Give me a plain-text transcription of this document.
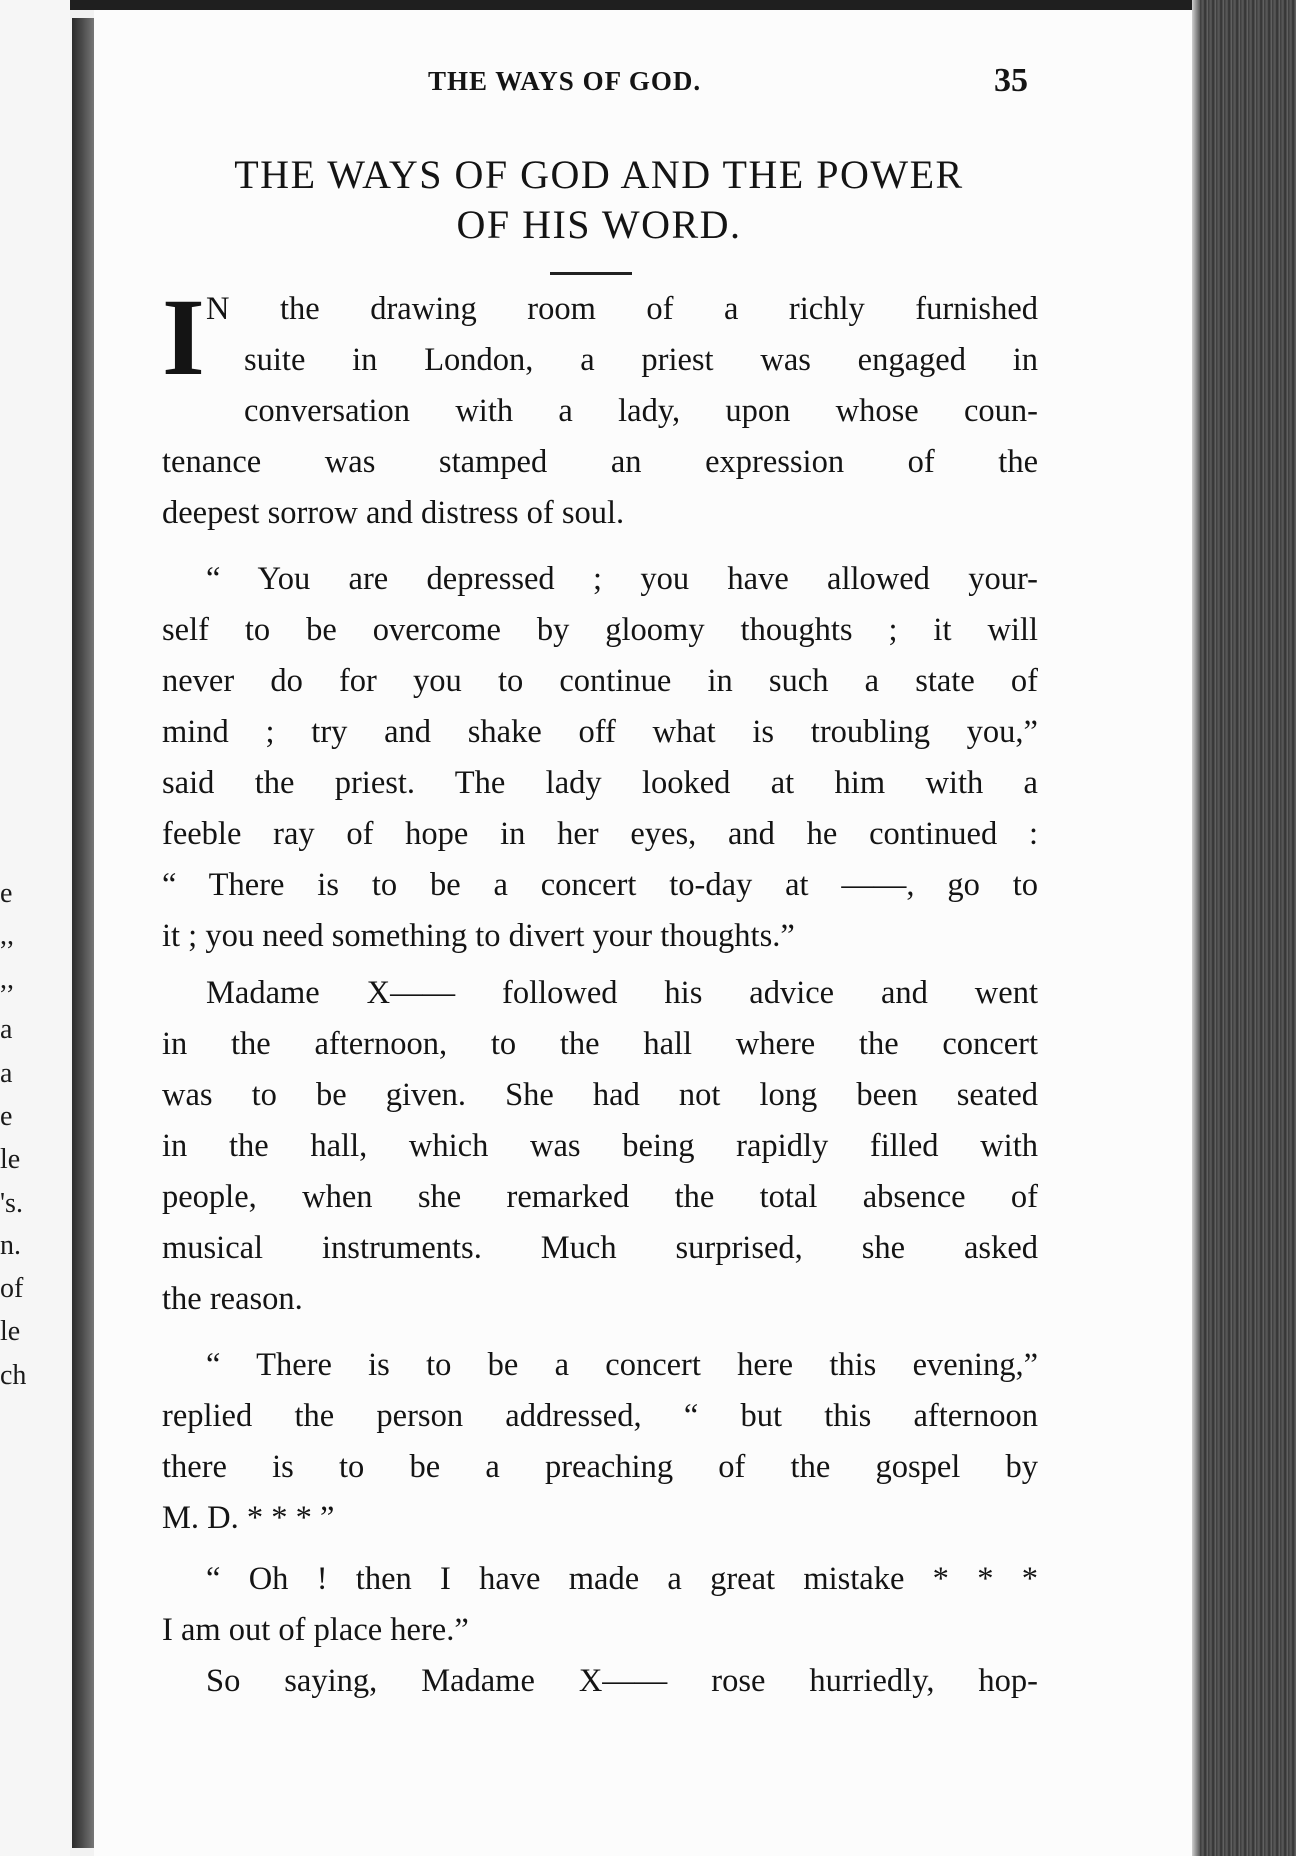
e
,,
,,
a
a
e
le
's.
n.
of
le
ch
THE WAYS OF GOD.	35
THE WAYS OF GOD AND THE POWER
OF HIS WORD.
I N the drawing room of a richly furnished
suite in London, a priest was engaged in
conversation with a lady, upon whose coun-
tenance was stamped an expression of the
deepest sorrow and distress of soul.
“ You are depressed ; you have allowed your-
self to be overcome by gloomy thoughts ; it will
never do for you to continue in such a state of
mind ; try and shake off what is troubling you,”
said the priest. The lady looked at him with a
feeble ray of hope in her eyes, and he continued :
“ There is to be a concert to-day at ——, go to
it ; you need something to divert your thoughts.”
Madame X—— followed his advice and went
in the afternoon, to the hall where the concert
was to be given. She had not long been seated
in the hall, which was being rapidly filled with
people, when she remarked the total absence of
musical instruments. Much surprised, she asked
the reason.
“ There is to be a concert here this evening,”
replied the person addressed, “ but this afternoon
there is to be a preaching of the gospel by
M. D. * * * ”
“ Oh ! then I have made a great mistake * * *
I am out of place here.”
So saying, Madame X—— rose hurriedly, hop-
